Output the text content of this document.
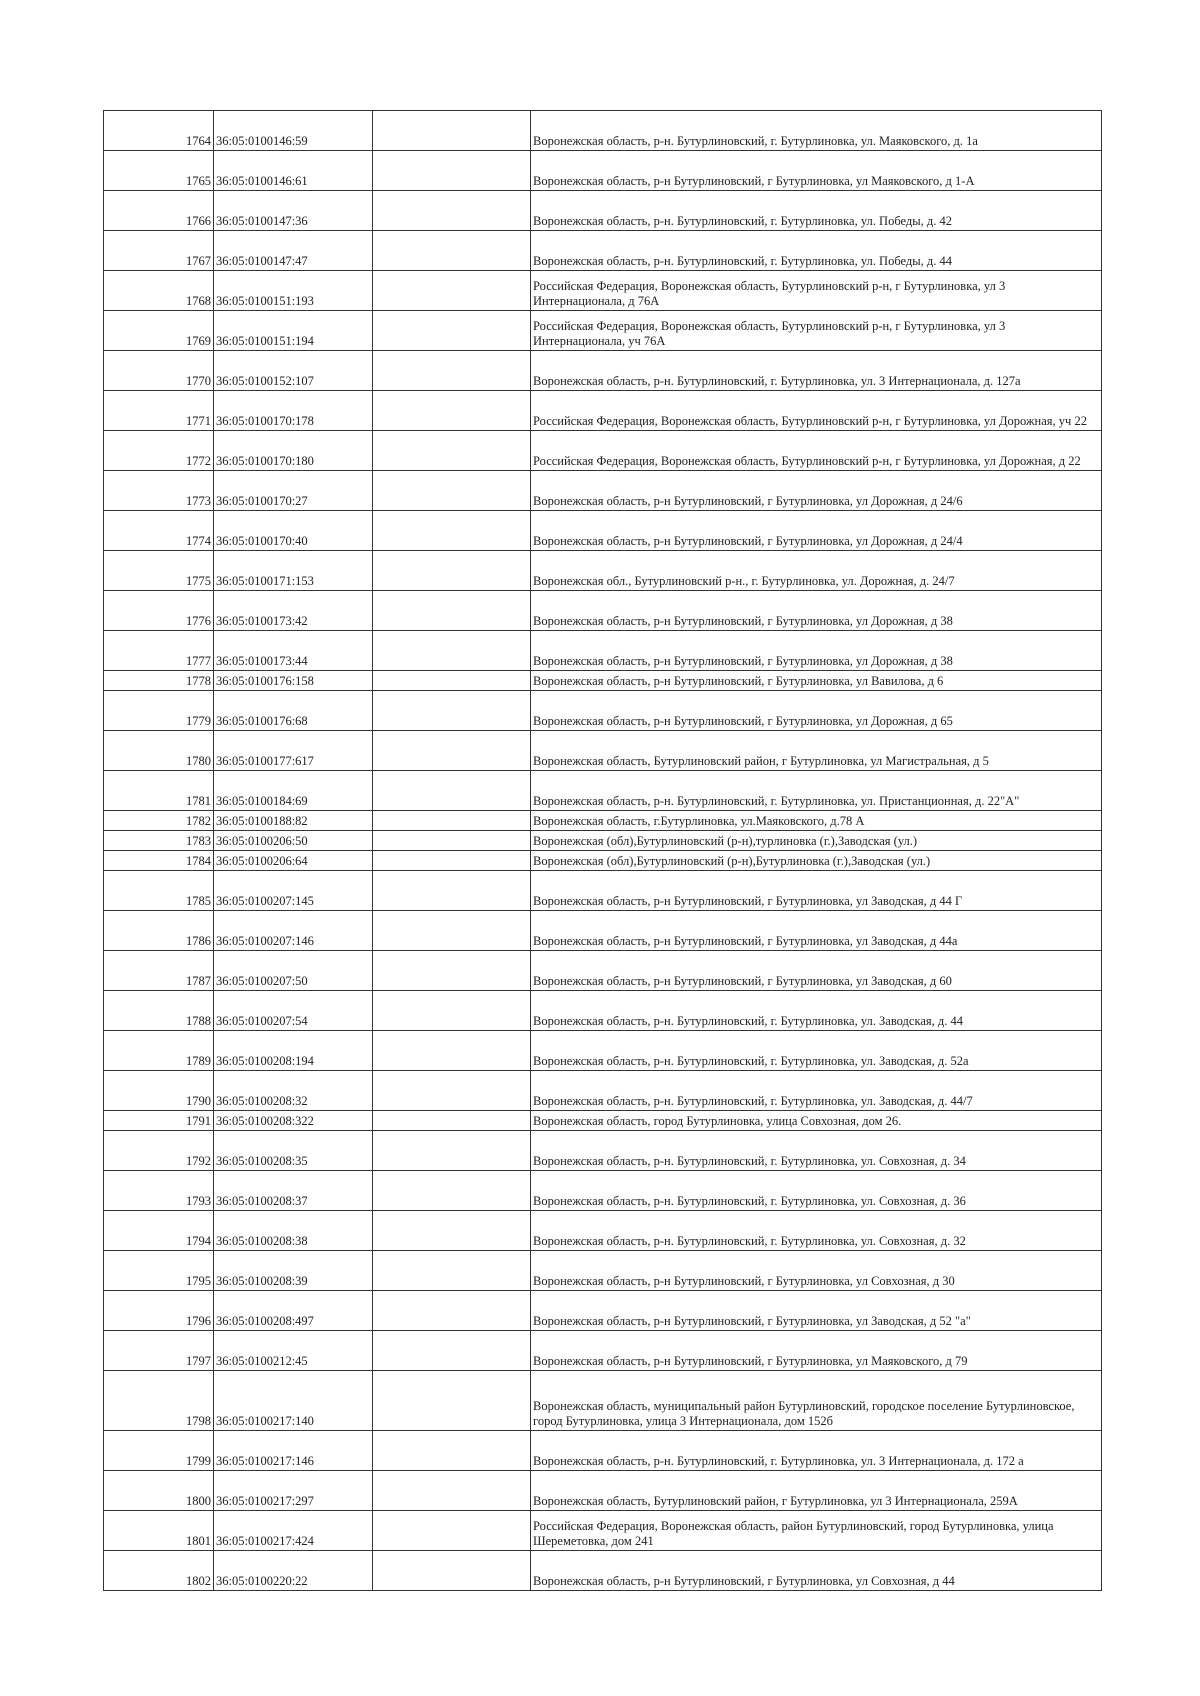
1764	36:05:0100146:59		Воронежская область, р-н. Бутурлиновский, г. Бутурлиновка, ул. Маяковского, д. 1а
1765	36:05:0100146:61		Воронежская область, р-н Бутурлиновский, г Бутурлиновка, ул Маяковского, д 1-А
1766	36:05:0100147:36		Воронежская область, р-н. Бутурлиновский, г. Бутурлиновка, ул. Победы, д. 42
1767	36:05:0100147:47		Воронежская область, р-н. Бутурлиновский, г. Бутурлиновка, ул. Победы, д. 44
1768	36:05:0100151:193		Российская Федерация, Воронежская область, Бутурлиновский р-н, г Бутурлиновка, ул 3 Интернационала, д 76А
1769	36:05:0100151:194		Российская Федерация, Воронежская область, Бутурлиновский р-н, г Бутурлиновка, ул 3 Интернационала, уч 76А
1770	36:05:0100152:107		Воронежская область, р-н. Бутурлиновский, г. Бутурлиновка, ул. 3 Интернационала, д. 127а
1771	36:05:0100170:178		Российская Федерация, Воронежская область, Бутурлиновский р-н, г Бутурлиновка, ул Дорожная, уч 22
1772	36:05:0100170:180		Российская Федерация, Воронежская область, Бутурлиновский р-н, г Бутурлиновка, ул Дорожная, д 22
1773	36:05:0100170:27		Воронежская область, р-н Бутурлиновский, г Бутурлиновка, ул Дорожная, д 24/6
1774	36:05:0100170:40		Воронежская область, р-н Бутурлиновский, г Бутурлиновка, ул Дорожная, д 24/4
1775	36:05:0100171:153		Воронежская обл., Бутурлиновский р-н., г. Бутурлиновка, ул. Дорожная, д. 24/7
1776	36:05:0100173:42		Воронежская область, р-н Бутурлиновский, г Бутурлиновка, ул Дорожная, д 38
1777	36:05:0100173:44		Воронежская область, р-н Бутурлиновский, г Бутурлиновка, ул Дорожная, д 38
1778	36:05:0100176:158		Воронежская область, р-н Бутурлиновский, г Бутурлиновка, ул Вавилова, д 6
1779	36:05:0100176:68		Воронежская область, р-н Бутурлиновский, г Бутурлиновка, ул Дорожная, д 65
1780	36:05:0100177:617		Воронежская область, Бутурлиновский район, г Бутурлиновка, ул Магистральная, д 5
1781	36:05:0100184:69		Воронежская область, р-н. Бутурлиновский, г. Бутурлиновка, ул. Пристанционная, д. 22"А"
1782	36:05:0100188:82		Воронежская область, г.Бутурлиновка, ул.Маяковского, д.78 А
1783	36:05:0100206:50		Воронежская (обл),Бутурлиновский (р-н),турлиновка (г.),Заводская (ул.)
1784	36:05:0100206:64		Воронежская (обл),Бутурлиновский (р-н),Бутурлиновка (г.),Заводская (ул.)
1785	36:05:0100207:145		Воронежская область, р-н Бутурлиновский, г Бутурлиновка, ул Заводская, д 44 Г
1786	36:05:0100207:146		Воронежская область, р-н Бутурлиновский, г Бутурлиновка, ул Заводская, д 44а
1787	36:05:0100207:50		Воронежская область, р-н Бутурлиновский, г Бутурлиновка, ул Заводская, д 60
1788	36:05:0100207:54		Воронежская область, р-н. Бутурлиновский, г. Бутурлиновка, ул. Заводская, д. 44
1789	36:05:0100208:194		Воронежская область, р-н. Бутурлиновский, г. Бутурлиновка, ул. Заводская, д. 52а
1790	36:05:0100208:32		Воронежская область, р-н. Бутурлиновский, г. Бутурлиновка, ул. Заводская, д. 44/7
1791	36:05:0100208:322		Воронежская область, город Бутурлиновка, улица Совхозная, дом 26.
1792	36:05:0100208:35		Воронежская область, р-н. Бутурлиновский, г. Бутурлиновка, ул. Совхозная, д. 34
1793	36:05:0100208:37		Воронежская область, р-н. Бутурлиновский, г. Бутурлиновка, ул. Совхозная, д. 36
1794	36:05:0100208:38		Воронежская область, р-н. Бутурлиновский, г. Бутурлиновка, ул. Совхозная, д. 32
1795	36:05:0100208:39		Воронежская область, р-н Бутурлиновский, г Бутурлиновка, ул Совхозная, д 30
1796	36:05:0100208:497		Воронежская область, р-н Бутурлиновский, г Бутурлиновка, ул Заводская, д 52 "а"
1797	36:05:0100212:45		Воронежская область, р-н Бутурлиновский, г Бутурлиновка, ул Маяковского, д 79
1798	36:05:0100217:140		Воронежская область, муниципальный район Бутурлиновский, городское поселение Бутурлиновское, город Бутурлиновка, улица 3 Интернационала, дом 152б
1799	36:05:0100217:146		Воронежская область, р-н. Бутурлиновский, г. Бутурлиновка, ул. 3 Интернационала, д. 172 а
1800	36:05:0100217:297		Воронежская область, Бутурлиновский район, г Бутурлиновка, ул 3 Интернационала, 259А
1801	36:05:0100217:424		Российская Федерация, Воронежская область, район Бутурлиновский, город Бутурлиновка, улица Шереметовка, дом 241
1802	36:05:0100220:22		Воронежская область, р-н Бутурлиновский, г Бутурлиновка, ул Совхозная, д 44
